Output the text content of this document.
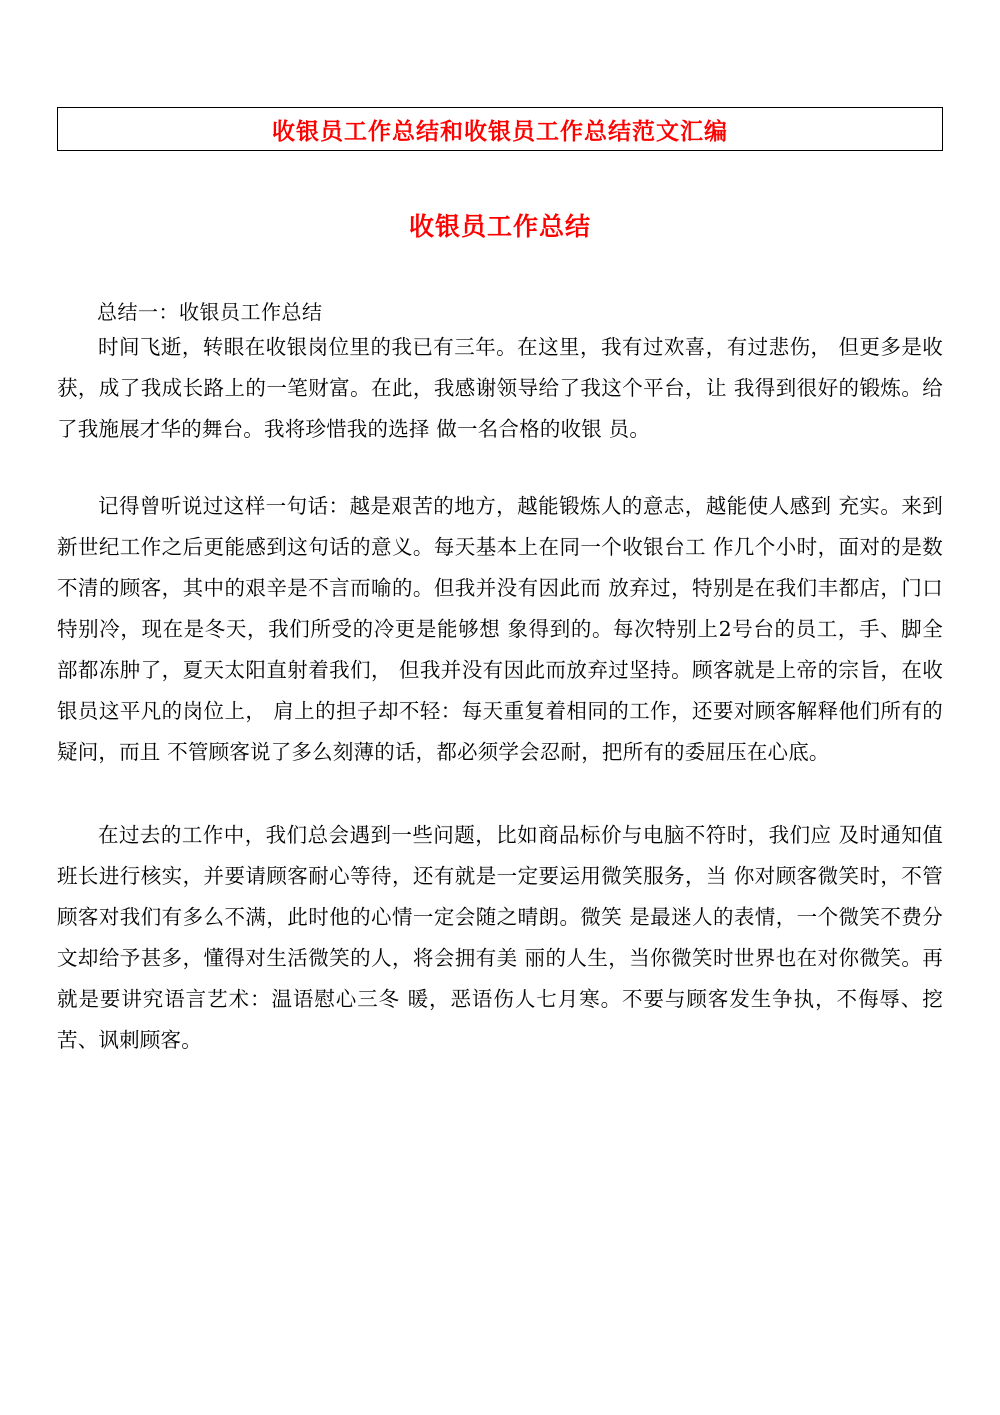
收银员工作总结和收银员工作总结范文汇编
收银员工作总结
总结一：收银员工作总结

时间飞逝，转眼在收银岗位里的我已有三年。在这里，我有过欢喜，有过悲伤， 但更多是收获，成了我成长路上的一笔财富。在此，我感谢领导给了我这个平台，让 我得到很好的锻炼。给了我施展才华的舞台。我将珍惜我的选择 做一名合格的收银 员。

记得曾听说过这样一句话：越是艰苦的地方，越能锻炼人的意志，越能使人感到 充实。来到新世纪工作之后更能感到这句话的意义。每天基本上在同一个收银台工 作几个小时，面对的是数不清的顾客，其中的艰辛是不言而喻的。但我并没有因此而 放弃过，特别是在我们丰都店，门口特别冷，现在是冬天，我们所受的冷更是能够想 象得到的。每次特别上2号台的员工，手、脚全部都冻肿了，夏天太阳直射着我们， 但我并没有因此而放弃过坚持。顾客就是上帝的宗旨，在收银员这平凡的岗位上， 肩上的担子却不轻：每天重复着相同的工作，还要对顾客解释他们所有的疑问，而且 不管顾客说了多么刻薄的话，都必须学会忍耐，把所有的委屈压在心底。

在过去的工作中，我们总会遇到一些问题，比如商品标价与电脑不符时，我们应 及时通知值班长进行核实，并要请顾客耐心等待，还有就是一定要运用微笑服务，当 你对顾客微笑时，不管顾客对我们有多么不满，此时他的心情一定会随之晴朗。微笑 是最迷人的表情，一个微笑不费分文却给予甚多，懂得对生活微笑的人，将会拥有美 丽的人生，当你微笑时世界也在对你微笑。再就是要讲究语言艺术：温语慰心三冬 暖，恶语伤人七月寒。不要与顾客发生争执，不侮辱、挖苦、讽刺顾客。
